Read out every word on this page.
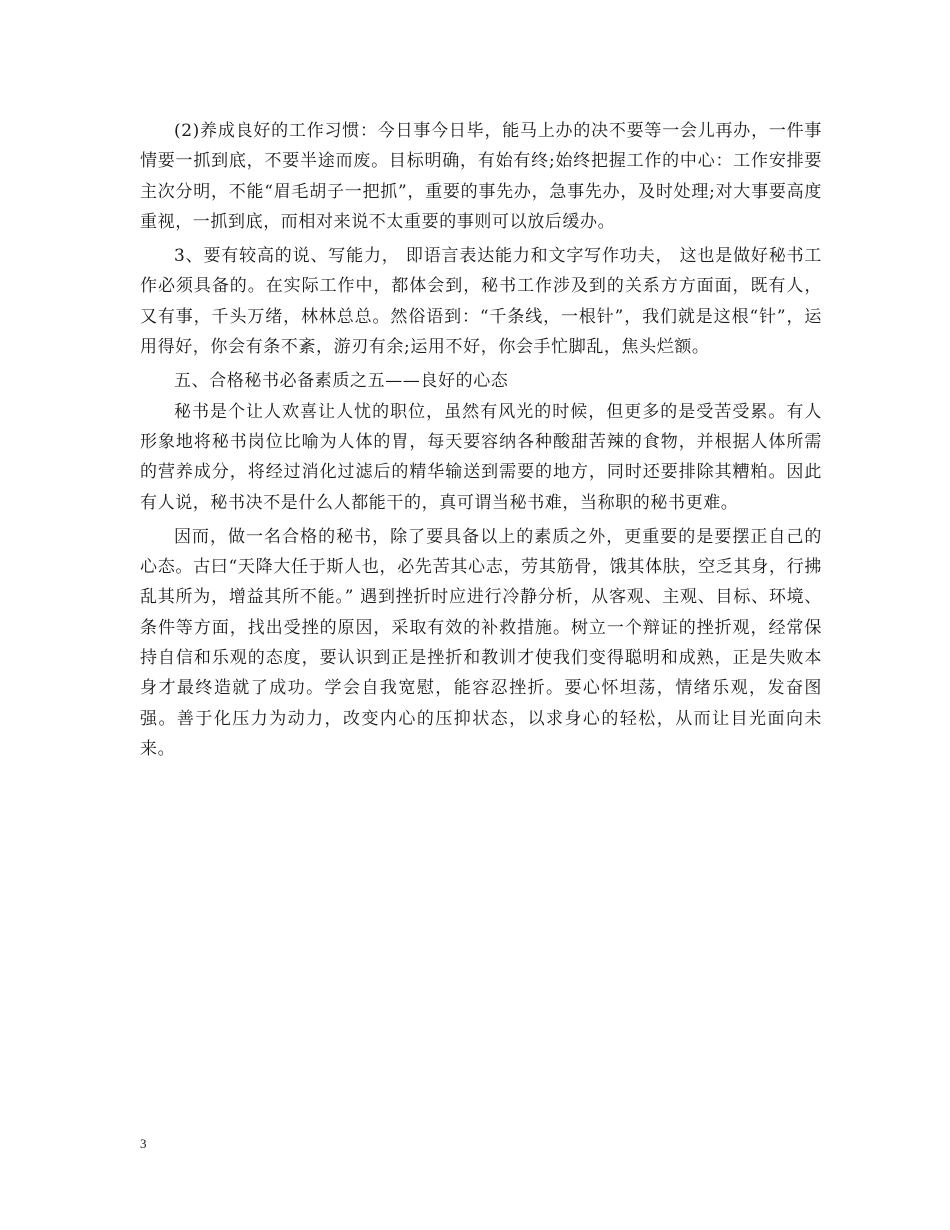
(2)养成良好的工作习惯：今日事今日毕，能马上办的决不要等一会儿再办，一件事情要一抓到底，不要半途而废。目标明确，有始有终;始终把握工作的中心：工作安排要主次分明，不能“眉毛胡子一把抓”，重要的事先办，急事先办，及时处理;对大事要高度重视，一抓到底，而相对来说不太重要的事则可以放后缓办。

3、要有较高的说、写能力， 即语言表达能力和文字写作功夫， 这也是做好秘书工作必须具备的。在实际工作中，都体会到，秘书工作涉及到的关系方方面面，既有人，又有事，千头万绪，林林总总。然俗语到：“千条线，一根针”，我们就是这根“针”，运用得好，你会有条不紊，游刃有余;运用不好，你会手忙脚乱，焦头烂额。

五、合格秘书必备素质之五——良好的心态

秘书是个让人欢喜让人忧的职位，虽然有风光的时候，但更多的是受苦受累。有人形象地将秘书岗位比喻为人体的胃，每天要容纳各种酸甜苦辣的食物，并根据人体所需的营养成分，将经过消化过滤后的精华输送到需要的地方，同时还要排除其糟粕。因此有人说，秘书决不是什么人都能干的，真可谓当秘书难，当称职的秘书更难。

因而，做一名合格的秘书，除了要具备以上的素质之外，更重要的是要摆正自己的心态。古曰“天降大任于斯人也，必先苦其心志，劳其筋骨，饿其体肤，空乏其身，行拂乱其所为，增益其所不能。” 遇到挫折时应进行冷静分析，从客观、主观、目标、环境、条件等方面，找出受挫的原因，采取有效的补救措施。树立一个辩证的挫折观，经常保持自信和乐观的态度，要认识到正是挫折和教训才使我们变得聪明和成熟，正是失败本身才最终造就了成功。学会自我宽慰，能容忍挫折。要心怀坦荡，情绪乐观，发奋图强。善于化压力为动力，改变内心的压抑状态，以求身心的轻松，从而让目光面向未来。

3
